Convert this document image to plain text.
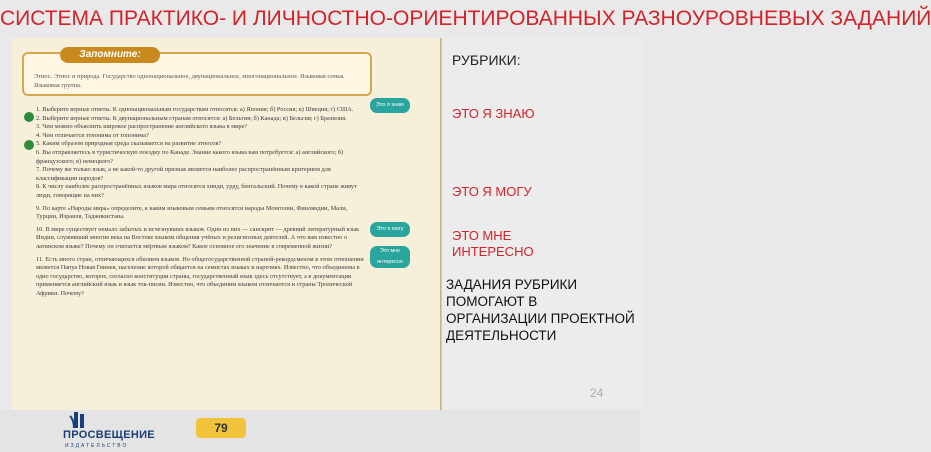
СИСТЕМА ПРАКТИКО- И ЛИЧНОСТНО-ОРИЕНТИРОВАННЫХ РАЗНОУРОВНЕВЫХ ЗАДАНИЙ
Запомните:
Этнос. Этнос и природа. Государство однонациональное, двунациональное, многонациональное. Языковая семья. Языковая группа.

1. Выберите верные ответы. К однонациональным государствам относятся: а) Япония; б) Россия; в) Швеция; г) США.

2. Выберите верные ответы. К двунациональным странам относятся: а) Бельгия; б) Канада; в) Бельгия; г) Бразилия.

3. Чем можно объяснить широкое распространение английского языка в мире?

4. Чем отличается этнонима от топонима?

5. Каким образом природная среда сказывается на развитие этносов?

6. Вы отправляетесь в туристическую поездку по Канаде. Знание какого языка вам потребуется: а) английского; б) французского; в) немецкого?

7. Почему же только язык, а не какой-то другой признак является наиболее распространённым критерием для классификации народов?

8. К числу наиболее распространённых языков мира относятся хинди, урду, бенгальский. Почему в какой стране живут люди, говорящие на них?

9. По карте «Народы мира» определите, к каким языковым семьям относятся народы Монголии, Финляндии, Мали, Турции, Израиля, Таджикистана.

10. В мире существует немало забытых и исчезнувших языков. Один из них — санскрит — древний литературный язык Индии, служивший многие века на Востоке языком общения учёных и религиозных деятелей. А что вам известно о латинском языке? Почему он считается мёртвым языком? Какое основное его значение в современной жизни?

11. Есть много стран, отличающихся обилием языков. Но общегосударственной страной-рекордсменом в этом отношении является Папуа Новая Гвинея, население которой общается на семистах языках и наречиях. Известно, что объединены в одно государство, которое, согласно конституции страны, государственный язык здесь отсутствует, а в документации применяется английский язык и язык ток-писин. Известно, что объединим языком отличаются и страны Тропической Африки. Почему?

Это я знаю
Это я могу
Это мне интересно
РУБРИКИ:
ЭТО Я ЗНАЮ
ЭТО Я МОГУ
ЭТО МНЕ ИНТЕРЕСНО
ЗАДАНИЯ РУБРИКИ ПОМОГАЮТ В ОРГАНИЗАЦИИ ПРОЕКТНОЙ ДЕЯТЕЛЬНОСТИ
ПРОСВЕЩЕНИЕ
ИЗДАТЕЛЬСТВО
79
24
